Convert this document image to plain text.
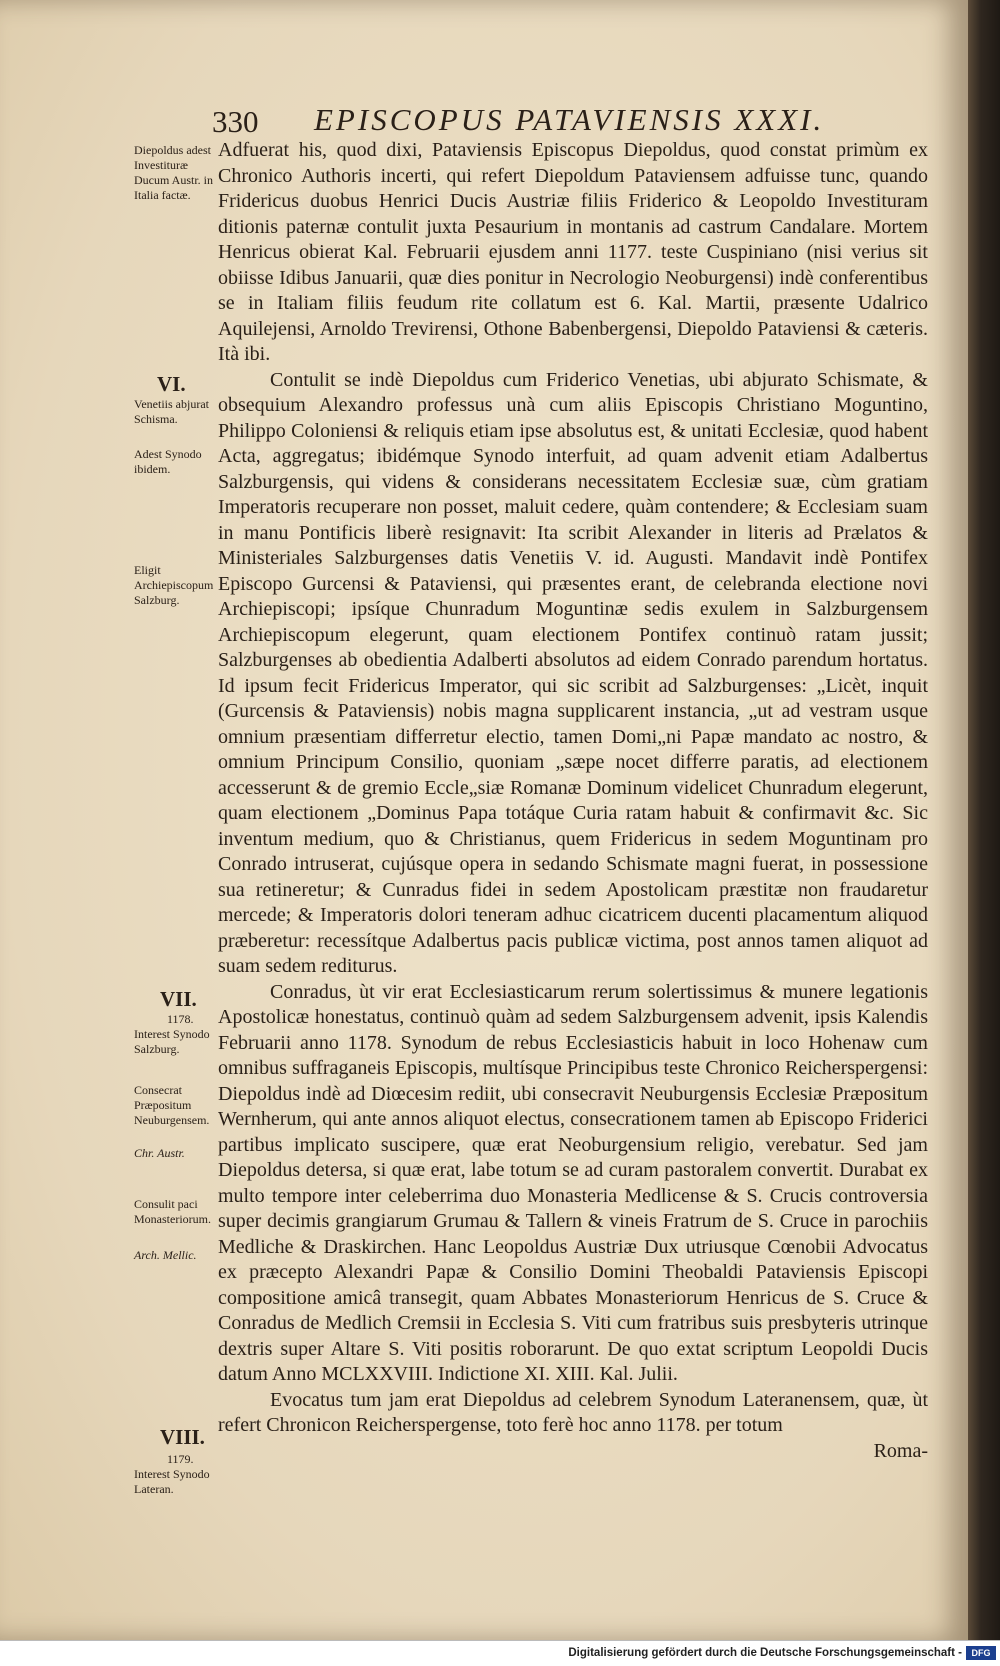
330 EPISCOPUS PATAVIENSIS XXXI.
Diepoldus adest Investituræ Ducum Austr. in Italia factæ.
VI.
Venetiis abjurat Schisma.
Adest Synodo ibidem.
Eligit Archiepiscopum Salzburg.
VII.
1178.
Interest Synodo Salzburg.
Consecrat Præpositum Neuburgensem.
Chr. Austr.
Consulit paci Monasteriorum.
Arch. Mellic.
VIII.
1179.
Interest Synodo Lateran.

Adfuerat his, quod dixi, Pataviensis Episcopus Diepoldus, quod constat primùm ex Chronico Authoris incerti, qui refert Diepoldum Pataviensem adfuisse tunc, quando Fridericus duobus Henrici Ducis Austriæ filiis Friderico & Leopoldo Investituram ditionis paternæ contulit juxta Pesaurium in montanis ad castrum Candalare. Mortem Henricus obierat Kal. Februarii ejusdem anni 1177. teste Cuspiniano (nisi verius sit obiisse Idibus Januarii, quæ dies ponitur in Necrologio Neoburgensi) indè conferentibus se in Italiam filiis feudum rite collatum est 6. Kal. Martii, præsente Udalrico Aquilejensi, Arnoldo Trevirensi, Othone Babenbergensi, Diepoldo Pataviensi & cæteris. Ità ibi.

Contulit se indè Diepoldus cum Friderico Venetias, ubi abjurato Schismate, & obsequium Alexandro professus unà cum aliis Episcopis Christiano Moguntino, Philippo Coloniensi & reliquis etiam ipse absolutus est, & unitati Ecclesiæ, quod habent Acta, aggregatus; ibidémque Synodo interfuit, ad quam advenit etiam Adalbertus Salzburgensis, qui videns & considerans necessitatem Ecclesiæ suæ, cùm gratiam Imperatoris recuperare non posset, maluit cedere, quàm contendere; & Ecclesiam suam in manu Pontificis liberè resignavit: Ita scribit Alexander in literis ad Prælatos & Ministeriales Salzburgenses datis Venetiis V. id. Augusti. Mandavit indè Pontifex Episcopo Gurcensi & Pataviensi, qui præsentes erant, de celebranda electione novi Archiepiscopi; ipsíque Chunradum Moguntinæ sedis exulem in Salzburgensem Archiepiscopum elegerunt, quam electionem Pontifex continuò ratam jussit; Salzburgenses ab obedientia Adalberti absolutos ad eidem Conrado parendum hortatus. Id ipsum fecit Fridericus Imperator, qui sic scribit ad Salzburgenses: „Licèt, inquit (Gurcensis & Pataviensis) nobis magna supplicarent instancia, „ut ad vestram usque omnium præsentiam differretur electio, tamen Domi„ni Papæ mandato ac nostro, & omnium Principum Consilio, quoniam „sæpe nocet differre paratis, ad electionem accesserunt & de gremio Eccle„siæ Romanæ Dominum videlicet Chunradum elegerunt, quam electionem „Dominus Papa totáque Curia ratam habuit & confirmavit &c. Sic inventum medium, quo & Christianus, quem Fridericus in sedem Moguntinam pro Conrado intruserat, cujúsque opera in sedando Schismate magni fuerat, in possessione sua retineretur; & Cunradus fidei in sedem Apostolicam præstitæ non fraudaretur mercede; & Imperatoris dolori teneram adhuc cicatricem ducenti placamentum aliquod præberetur: recessítque Adalbertus pacis publicæ victima, post annos tamen aliquot ad suam sedem rediturus.

Conradus, ùt vir erat Ecclesiasticarum rerum solertissimus & munere legationis Apostolicæ honestatus, continuò quàm ad sedem Salzburgensem advenit, ipsis Kalendis Februarii anno 1178. Synodum de rebus Ecclesiasticis habuit in loco Hohenaw cum omnibus suffraganeis Episcopis, multísque Principibus teste Chronico Reicherspergensi: Diepoldus indè ad Diœcesim rediit, ubi consecravit Neuburgensis Ecclesiæ Præpositum Wernherum, qui ante annos aliquot electus, consecrationem tamen ab Episcopo Friderici partibus implicato suscipere, quæ erat Neoburgensium religio, verebatur. Sed jam Diepoldus detersa, si quæ erat, labe totum se ad curam pastoralem convertit. Durabat ex multo tempore inter celeberrima duo Monasteria Medlicense & S. Crucis controversia super decimis grangiarum Grumau & Tallern & vineis Fratrum de S. Cruce in parochiis Medliche & Draskirchen. Hanc Leopoldus Austriæ Dux utriusque Cœnobii Advocatus ex præcepto Alexandri Papæ & Consilio Domini Theobaldi Pataviensis Episcopi compositione amicâ transegit, quam Abbates Monasteriorum Henricus de S. Cruce & Conradus de Medlich Cremsii in Ecclesia S. Viti cum fratribus suis presbyteris utrinque dextris super Altare S. Viti positis roborarunt. De quo extat scriptum Leopoldi Ducis datum Anno MCLXXVIII. Indictione XI. XIII. Kal. Julii.

Evocatus tum jam erat Diepoldus ad celebrem Synodum Lateranensem, quæ, ùt refert Chronicon Reicherspergense, toto ferè hoc anno 1178. per totum

Roma-

Digitalisierung gefördert durch die Deutsche Forschungsgemeinschaft -	DFG
